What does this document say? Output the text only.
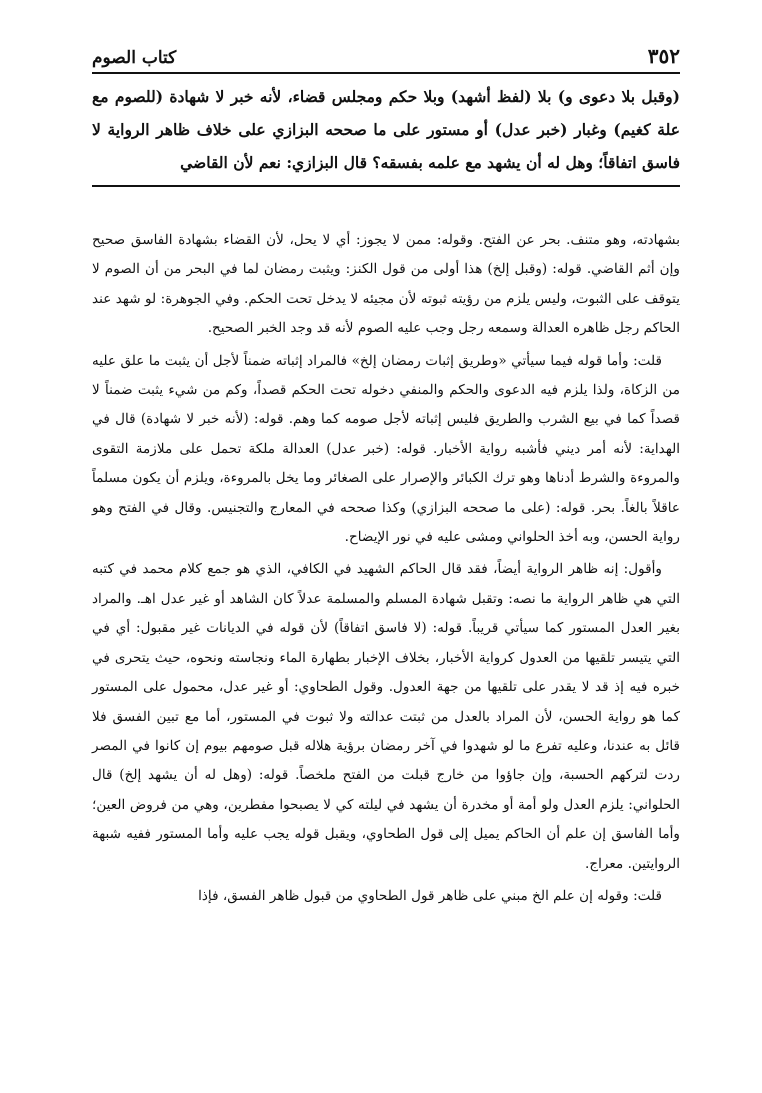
٣٥٢
كتاب الصوم
(وقبل بلا دعوى و) بلا (لفظ أشهد) وبلا حكم ومجلس قضاء، لأنه خبر لا شهادة (للصوم مع علة كغيم) وغبار (خبر عدل) أو مستور على ما صححه البزازي على خلاف ظاهر الرواية لا فاسق اتفاقاً؛ وهل له أن يشهد مع علمه بفسقه؟ قال البزازي: نعم لأن القاضي

بشهادته، وهو متنف. بحر عن الفتح. وقوله: ممن لا يجوز: أي لا يحل، لأن القضاء بشهادة الفاسق صحيح وإن أثم القاضي. قوله: (وقبل إلخ) هذا أولى من قول الكنز: ويثبت رمضان لما في البحر من أن الصوم لا يتوقف على الثبوت، وليس يلزم من رؤيته ثبوته لأن مجيئه لا يدخل تحت الحكم. وفي الجوهرة: لو شهد عند الحاكم رجل ظاهره العدالة وسمعه رجل وجب عليه الصوم لأنه قد وجد الخبر الصحيح.

قلت: وأما قوله فيما سيأتي «وطريق إثبات رمضان إلخ» فالمراد إثباته ضمناً لأجل أن يثبت ما علق عليه من الزكاة، ولذا يلزم فيه الدعوى والحكم والمنفي دخوله تحت الحكم قصداً، وكم من شيء يثبت ضمناً لا قصداً كما في بيع الشرب والطريق فليس إثباته لأجل صومه كما وهم. قوله: (لأنه خبر لا شهادة) قال في الهداية: لأنه أمر ديني فأشبه رواية الأخبار. قوله: (خبر عدل) العدالة ملكة تحمل على ملازمة التقوى والمروءة والشرط أدناها وهو ترك الكبائر والإصرار على الصغائر وما يخل بالمروءة، ويلزم أن يكون مسلماً عاقلاً بالغاً. بحر. قوله: (على ما صححه البزازي) وكذا صححه في المعارج والتجنيس. وقال في الفتح وهو رواية الحسن، وبه أخذ الحلواني ومشى عليه في نور الإيضاح.

وأقول: إنه ظاهر الرواية أيضاً، فقد قال الحاكم الشهيد في الكافي، الذي هو جمع كلام محمد في كتبه التي هي ظاهر الرواية ما نصه: وتقبل شهادة المسلم والمسلمة عدلاً كان الشاهد أو غير عدل اهـ. والمراد بغير العدل المستور كما سيأتي قريباً. قوله: (لا فاسق اتفاقاً) لأن قوله في الديانات غير مقبول: أي في التي يتيسر تلقيها من العدول كرواية الأخبار، بخلاف الإخبار بطهارة الماء ونجاسته ونحوه، حيث يتحرى في خبره فيه إذ قد لا يقدر على تلقيها من جهة العدول. وقول الطحاوي: أو غير عدل، محمول على المستور كما هو رواية الحسن، لأن المراد بالعدل من ثبتت عدالته ولا ثبوت في المستور، أما مع تبين الفسق فلا قائل به عندنا، وعليه تفرع ما لو شهدوا في آخر رمضان برؤية هلاله قبل صومهم بيوم إن كانوا في المصر ردت لتركهم الحسبة، وإن جاؤوا من خارج قبلت من الفتح ملخصاً. قوله: (وهل له أن يشهد إلخ) قال الحلواني: يلزم العدل ولو أمة أو مخدرة أن يشهد في ليلته كي لا يصبحوا مفطرين، وهي من فروض العين؛ وأما الفاسق إن علم أن الحاكم يميل إلى قول الطحاوي، ويقبل قوله يجب عليه وأما المستور ففيه شبهة الروايتين. معراج.

قلت: وقوله إن علم الخ مبني على ظاهر قول الطحاوي من قبول ظاهر الفسق، فإذا
